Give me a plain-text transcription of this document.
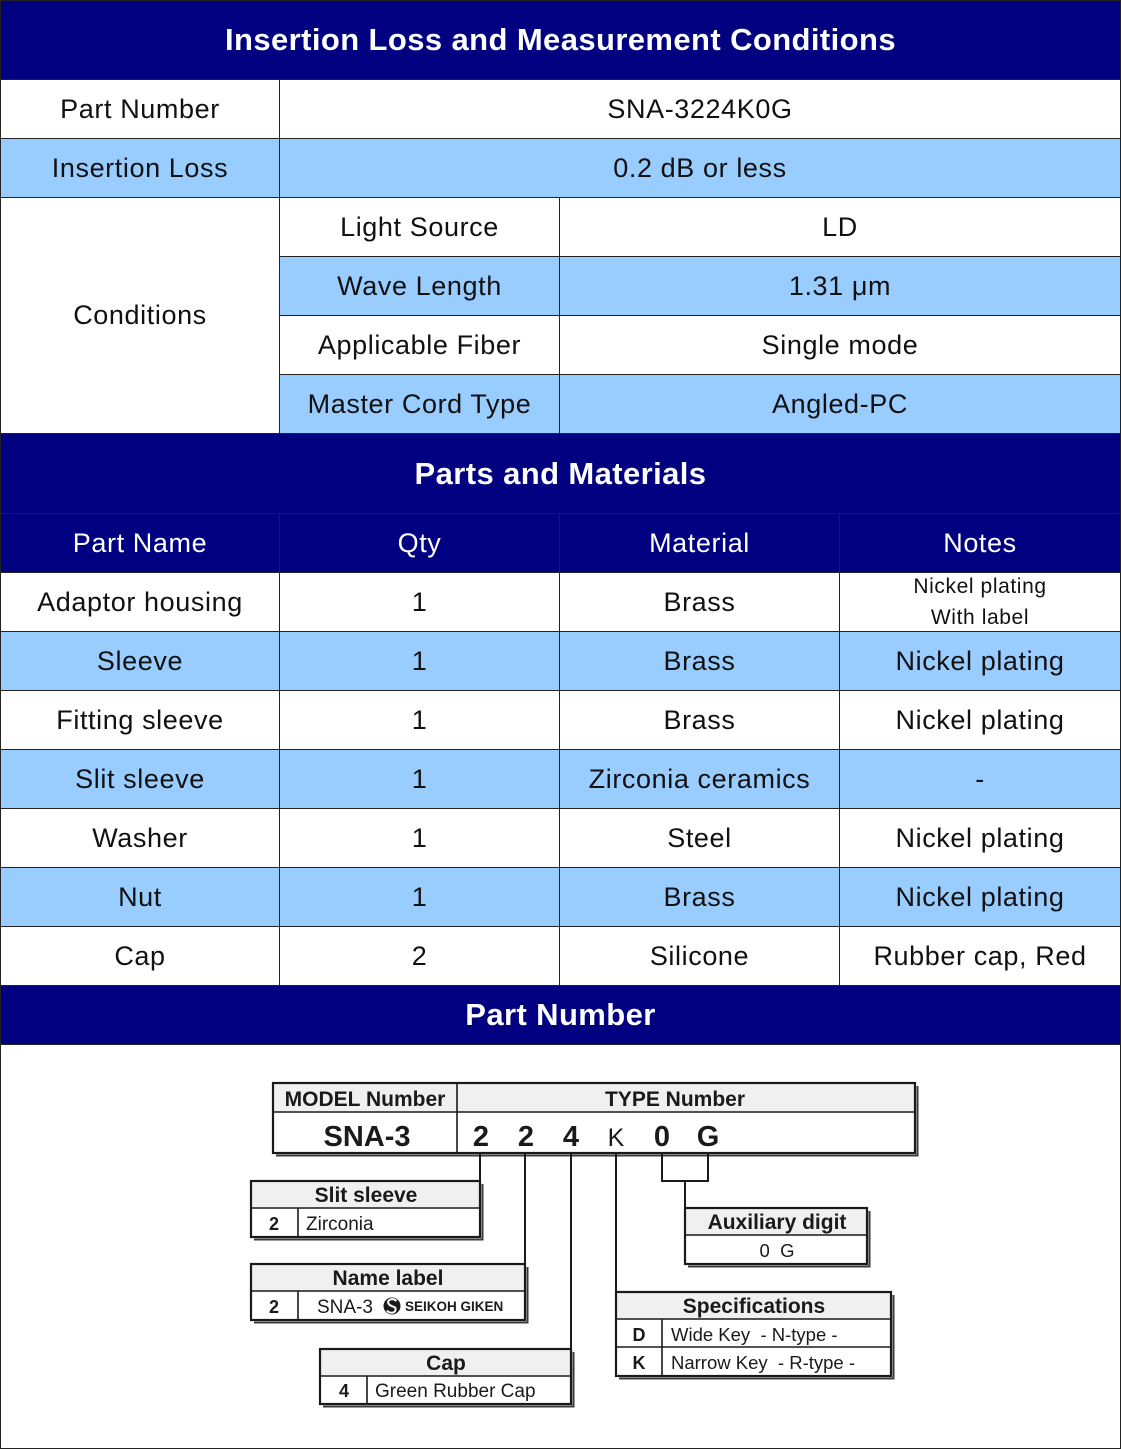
Insertion Loss and Measurement Conditions
Part Number	SNA-3224K0G
Insertion Loss	0.2 dB or less
Conditions
Light Source	LD
Wave Length	1.31 μm
Applicable Fiber	Single mode
Master Cord Type	Angled-PC
Parts and Materials
Part Name	Qty	Material	Notes
Adaptor housing	1	Brass	Nickel plating
With label
Sleeve	1	Brass	Nickel plating
Fitting sleeve	1	Brass	Nickel plating
Slit sleeve	1	Zirconia ceramics	-
Washer	1	Steel	Nickel plating
Nut	1	Brass	Nickel plating
Cap	2	Silicone	Rubber cap, Red
Part Number
MODEL Number
SNA-3
TYPE Number
2 2 4 K 0 G
Slit sleeve
2 Zirconia
Name label
2 SNA-3 SEIKOH GIKEN
Cap
4 Green Rubber Cap
Specifications
D Wide Key  - N-type -
K Narrow Key  - R-type -
Auxiliary digit
0  G
